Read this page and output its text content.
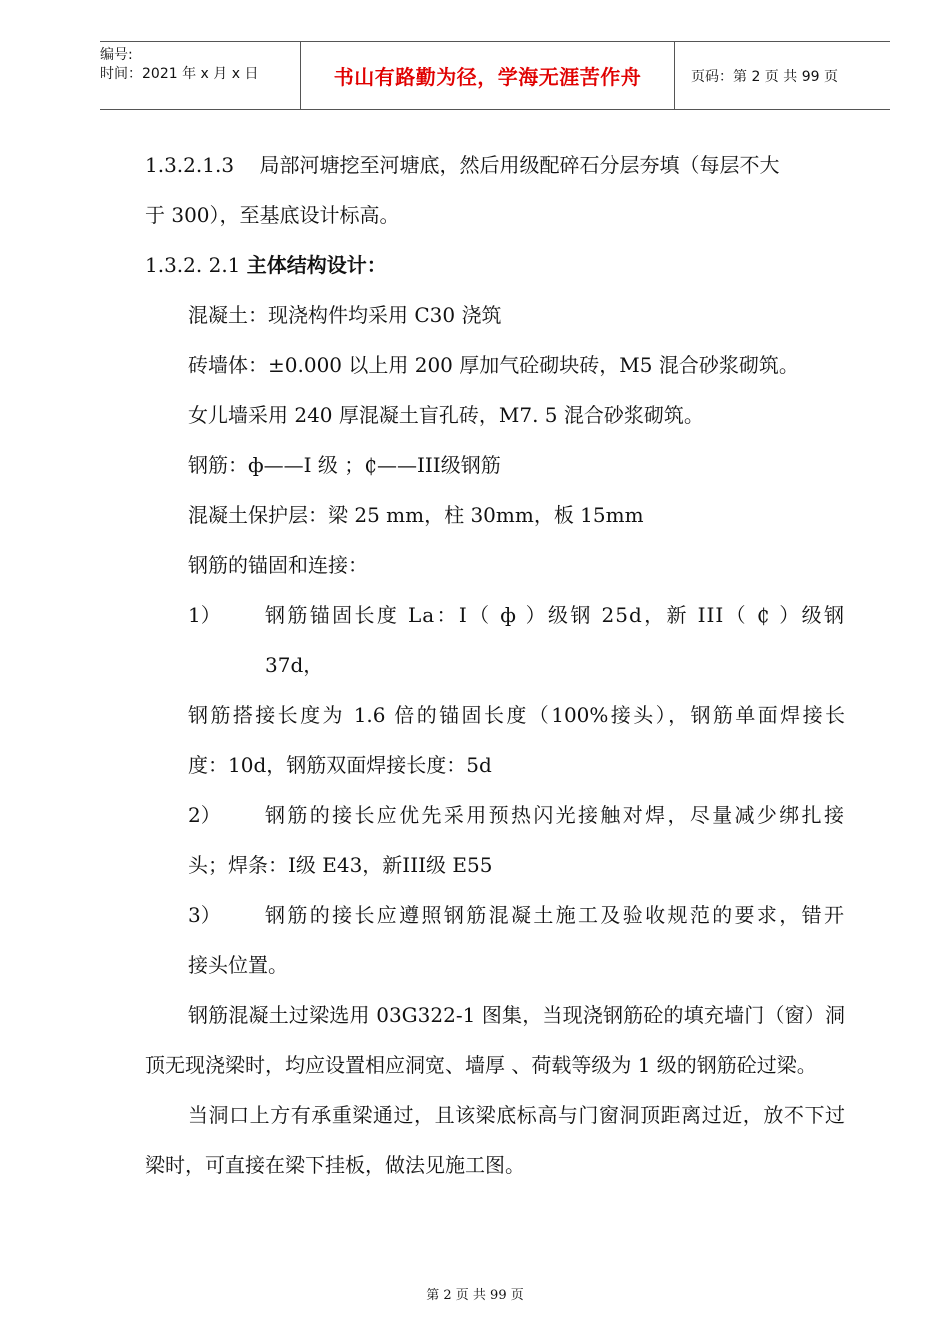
编号:
时间：2021 年 x 月 x 日	书山有路勤为径，学海无涯苦作舟	页码：第 2 页 共 99 页

1.3.2.1.3 局部河塘挖至河塘底，然后用级配碎石分层夯填（每层不大

于 300），至基底设计标高。

1.3.2. 2.1 主体结构设计：

混凝土：现浇构件均采用 C30 浇筑

砖墙体：±0.000 以上用 200 厚加气砼砌块砖，M5 混合砂浆砌筑。

女儿墙采用 240 厚混凝土盲孔砖，M7. 5 混合砂浆砌筑。

钢筋：ф——Ⅰ 级 ；₵——III级钢筋

混凝土保护层：梁 25 mm，柱 30mm，板 15mm

钢筋的锚固和连接：

1）	钢筋锚固长度 La：I（ ф ）级钢 25d，新 III（ ₵ ）级钢

37d，

钢筋搭接长度为 1.6 倍的锚固长度（100%接头），钢筋单面焊接长

度：10d，钢筋双面焊接长度：5d

2）	钢筋的接长应优先采用预热闪光接触对焊，尽量减少绑扎接

头；焊条：Ⅰ级 E43，新III级 E55

3）	钢筋的接长应遵照钢筋混凝土施工及验收规范的要求，错开

接头位置。

钢筋混凝土过梁选用 03G322-1 图集，当现浇钢筋砼的填充墙门（窗）洞顶无现浇梁时，均应设置相应洞宽、墙厚 、荷载等级为 1 级的钢筋砼过梁。

当洞口上方有承重梁通过，且该梁底标高与门窗洞顶距离过近，放不下过梁时，可直接在梁下挂板，做法见施工图。

第 2 页 共 99 页
